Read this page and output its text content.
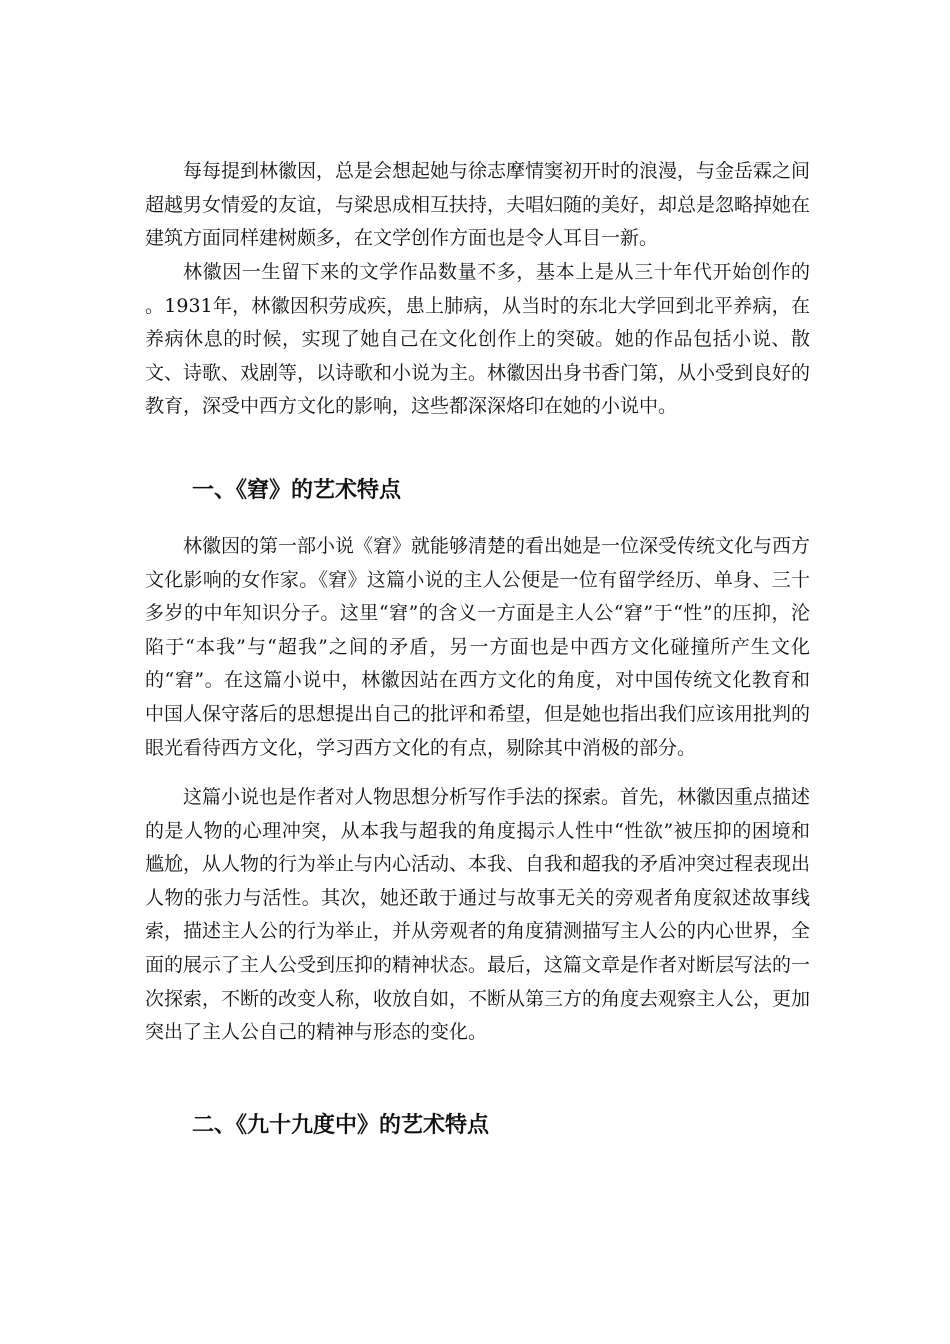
每每提到林徽因，总是会想起她与徐志摩情窦初开时的浪漫，与金岳霖之间超越男女情爱的友谊，与梁思成相互扶持，夫唱妇随的美好，却总是忽略掉她在建筑方面同样建树颇多，在文学创作方面也是令人耳目一新。

林徽因一生留下来的文学作品数量不多，基本上是从三十年代开始创作的 。1931年，林徽因积劳成疾，患上肺病，从当时的东北大学回到北平养病，在养病休息的时候，实现了她自己在文化创作上的突破。她的作品包括小说、散文、诗歌、戏剧等，以诗歌和小说为主。林徽因出身书香门第，从小受到良好的教育，深受中西方文化的影响，这些都深深烙印在她的小说中。

一、《窘》的艺术特点

林徽因的第一部小说《窘》就能够清楚的看出她是一位深受传统文化与西方文化影响的女作家。《窘》这篇小说的主人公便是一位有留学经历、单身、三十多岁的中年知识分子。这里“窘”的含义一方面是主人公“窘”于“性”的压抑，沦陷于“本我”与“超我”之间的矛盾，另一方面也是中西方文化碰撞所产生文化的“窘”。在这篇小说中，林徽因站在西方文化的角度，对中国传统文化教育和中国人保守落后的思想提出自己的批评和希望，但是她也指出我们应该用批判的眼光看待西方文化，学习西方文化的有点，剔除其中消极的部分。

这篇小说也是作者对人物思想分析写作手法的探索。首先，林徽因重点描述的是人物的心理冲突，从本我与超我的角度揭示人性中“性欲”被压抑的困境和尴尬，从人物的行为举止与内心活动、本我、自我和超我的矛盾冲突过程表现出人物的张力与活性。其次，她还敢于通过与故事无关的旁观者角度叙述故事线索，描述主人公的行为举止，并从旁观者的角度猜测描写主人公的内心世界，全面的展示了主人公受到压抑的精神状态。最后，这篇文章是作者对断层写法的一次探索，不断的改变人称，收放自如，不断从第三方的角度去观察主人公，更加突出了主人公自己的精神与形态的变化。

二、《九十九度中》的艺术特点
